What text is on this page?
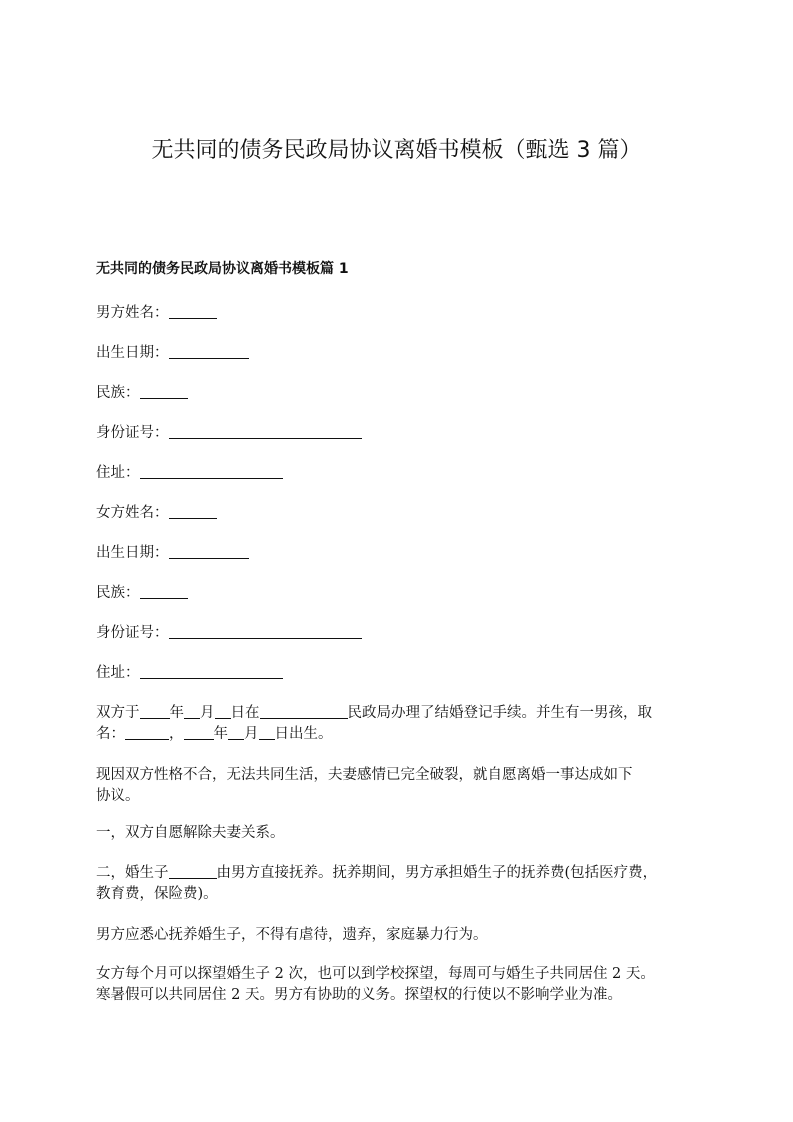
无共同的债务民政局协议离婚书模板（甄选 3 篇）
无共同的债务民政局协议离婚书模板篇 1
男方姓名：
出生日期：
民族：
身份证号：
住址：
女方姓名：
出生日期：
民族：
身份证号：
住址：
双方于 年 月 日在	民政局办理了结婚登记手续。并生有一男孩，取
名：	， 年 月 日出生。
现因双方性格不合，无法共同生活，夫妻感情已完全破裂，就自愿离婚一事达成如下
协议。
一，双方自愿解除夫妻关系。
二，婚生子	由男方直接抚养。抚养期间，男方承担婚生子的抚养费(包括医疗费，
教育费，保险费)。
男方应悉心抚养婚生子，不得有虐待，遗弃，家庭暴力行为。
女方每个月可以探望婚生子 2 次，也可以到学校探望，每周可与婚生子共同居住 2 天。
寒暑假可以共同居住 2 天。男方有协助的义务。探望权的行使以不影响学业为准。
